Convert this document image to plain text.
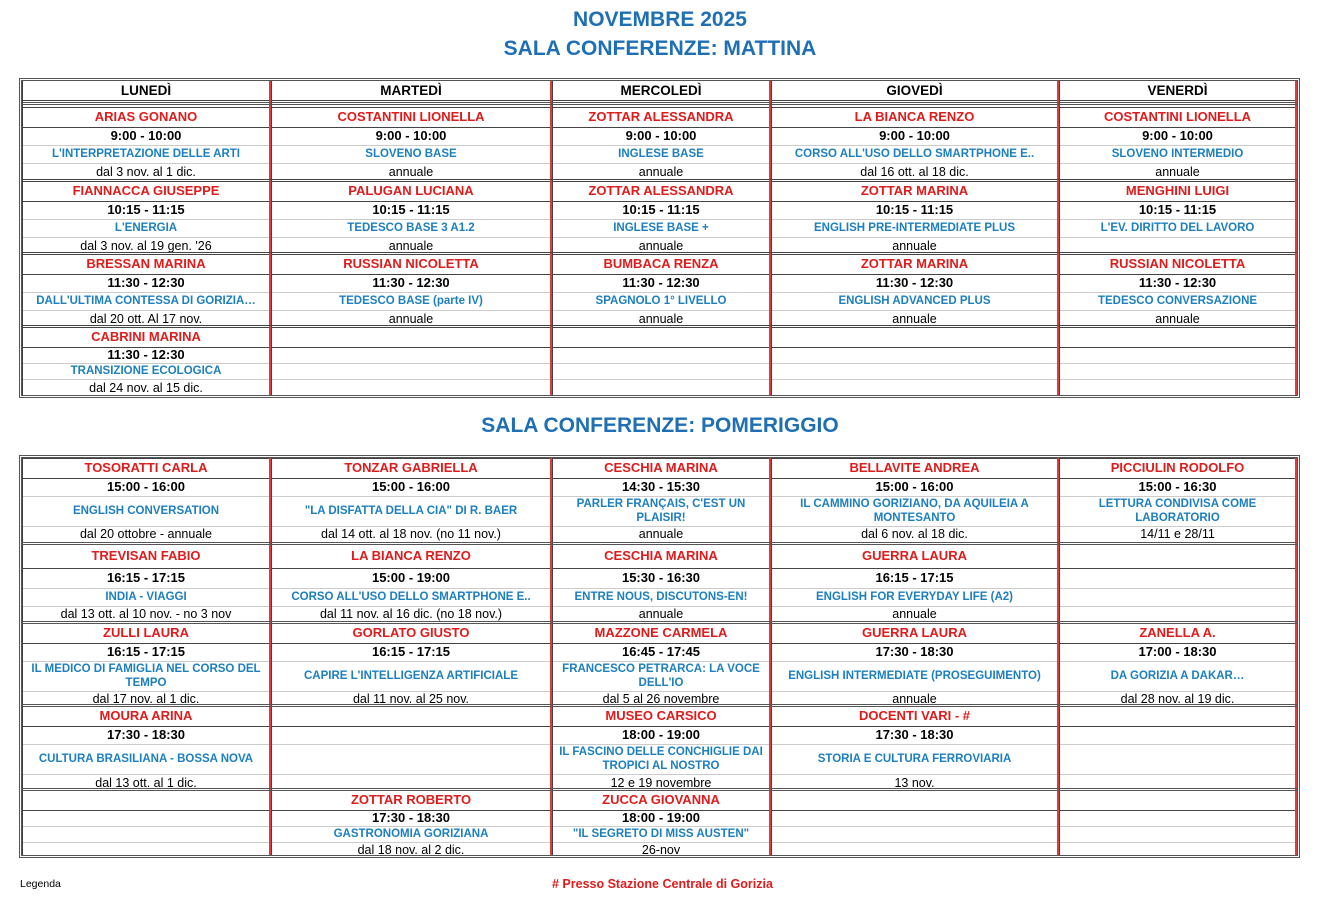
NOVEMBRE 2025
SALA CONFERENZE: MATTINA
SALA CONFERENZE: POMERIGGIO
LUNEDÌ
ARIAS GONANO
9:00 - 10:00
L'INTERPRETAZIONE DELLE ARTI
dal 3 nov. al 1 dic.
FIANNACCA GIUSEPPE
10:15 - 11:15
L'ENERGIA
dal 3 nov. al 19 gen. '26
BRESSAN MARINA
11:30 - 12:30
DALL'ULTIMA CONTESSA DI GORIZIA…
dal 20 ott. Al 17 nov.
CABRINI MARINA
11:30 - 12:30
TRANSIZIONE ECOLOGICA
dal 24 nov. al 15 dic.
MARTEDÌ
COSTANTINI LIONELLA
9:00 - 10:00
SLOVENO BASE
annuale
PALUGAN LUCIANA
10:15 - 11:15
TEDESCO BASE 3 A1.2
annuale
RUSSIAN NICOLETTA
11:30 - 12:30
TEDESCO BASE (parte IV)
annuale
MERCOLEDÌ
ZOTTAR ALESSANDRA
9:00 - 10:00
INGLESE BASE
annuale
ZOTTAR ALESSANDRA
10:15 - 11:15
INGLESE BASE +
annuale
BUMBACA RENZA
11:30 - 12:30
SPAGNOLO 1° LIVELLO
annuale
GIOVEDÌ
LA BIANCA RENZO
9:00 - 10:00
CORSO ALL'USO DELLO SMARTPHONE E..
dal 16 ott. al 18 dic.
ZOTTAR MARINA
10:15 - 11:15
ENGLISH PRE-INTERMEDIATE PLUS
annuale
ZOTTAR MARINA
11:30 - 12:30
ENGLISH ADVANCED PLUS
annuale
VENERDÌ
COSTANTINI LIONELLA
9:00 - 10:00
SLOVENO INTERMEDIO
annuale
MENGHINI LUIGI
10:15 - 11:15
L'EV. DIRITTO DEL LAVORO
RUSSIAN NICOLETTA
11:30 - 12:30
TEDESCO CONVERSAZIONE
annuale
TOSORATTI CARLA
15:00 - 16:00
ENGLISH CONVERSATION
dal 20 ottobre - annuale
TREVISAN FABIO
16:15 - 17:15
INDIA - VIAGGI
dal 13 ott. al 10 nov. - no 3 nov
ZULLI LAURA
16:15 - 17:15
IL MEDICO DI FAMIGLIA NEL CORSO DEL TEMPO
dal 17 nov. al 1 dic.
MOURA ARINA
17:30 - 18:30
CULTURA BRASILIANA - BOSSA NOVA
dal 13 ott. al 1 dic.
TONZAR GABRIELLA
15:00 - 16:00
"LA DISFATTA DELLA CIA" DI R. BAER
dal 14 ott. al 18 nov. (no 11 nov.)
LA BIANCA RENZO
15:00 - 19:00
CORSO ALL'USO DELLO SMARTPHONE E..
dal 11 nov. al 16 dic. (no 18 nov.)
GORLATO GIUSTO
16:15 - 17:15
CAPIRE L'INTELLIGENZA ARTIFICIALE
dal 11 nov. al 25 nov.
ZOTTAR ROBERTO
17:30 - 18:30
GASTRONOMIA GORIZIANA
dal 18 nov. al 2 dic.
CESCHIA MARINA
14:30 - 15:30
PARLER FRANÇAIS, C'EST UN PLAISIR!
annuale
CESCHIA MARINA
15:30 - 16:30
ENTRE NOUS, DISCUTONS-EN!
annuale
MAZZONE CARMELA
16:45 - 17:45
FRANCESCO PETRARCA: LA VOCE DELL'IO
dal 5 al 26 novembre
MUSEO CARSICO
18:00 - 19:00
IL FASCINO DELLE CONCHIGLIE DAI TROPICI AL NOSTRO
12 e 19 novembre
ZUCCA GIOVANNA
18:00 - 19:00
"IL SEGRETO DI MISS AUSTEN"
26-nov
BELLAVITE ANDREA
15:00 - 16:00
IL CAMMINO GORIZIANO, DA AQUILEIA A MONTESANTO
dal 6 nov. al 18 dic.
GUERRA LAURA
16:15 - 17:15
ENGLISH FOR EVERYDAY LIFE (A2)
annuale
GUERRA LAURA
17:30 - 18:30
ENGLISH INTERMEDIATE (PROSEGUIMENTO)
annuale
DOCENTI VARI - #
17:30 - 18:30
STORIA E CULTURA FERROVIARIA
13 nov.
PICCIULIN RODOLFO
15:00 - 16:30
LETTURA CONDIVISA COME LABORATORIO
14/11 e 28/11
ZANELLA A.
17:00 - 18:30
DA GORIZIA A DAKAR…
dal 28 nov. al 19 dic.
Legenda	# Presso Stazione Centrale di Gorizia
